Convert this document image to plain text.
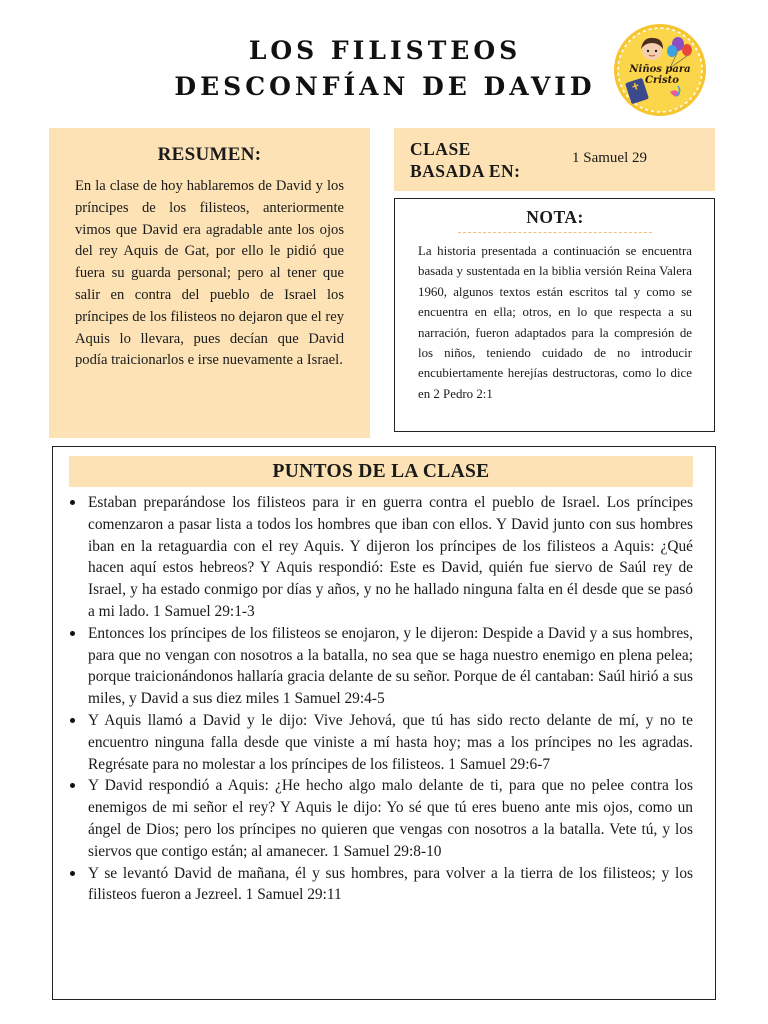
LOS FILISTEOS
DESCONFÍAN DE DAVID
Niños para
Cristo
RESUMEN:

En la clase de hoy hablaremos de David y los príncipes de los filisteos, anteriormente vimos que David era agradable ante los ojos del rey Aquis de Gat, por ello le pidió que fuera su guarda personal; pero al tener que salir en contra del pueblo de Israel los príncipes de los filisteos no dejaron que el rey Aquis lo llevara, pues decían que David podía traicionarlos e irse nuevamente a Israel.

CLASE
BASADA EN:
1 Samuel 29
NOTA:

La historia presentada a continuación se encuentra basada y sustentada en la biblia versión Reina Valera 1960, algunos textos están escritos tal y como se encuentra en ella; otros, en lo que respecta a su narración, fueron adaptados para la compresión de los niños, teniendo cuidado de no introducir encubiertamente herejías destructoras, como lo dice en 2 Pedro 2:1

PUNTOS DE LA CLASE
Estaban preparándose los filisteos para ir en guerra contra el pueblo de Israel. Los príncipes comenzaron a pasar lista a todos los hombres que iban con ellos. Y David junto con sus hombres iban en la retaguardia con el rey Aquis. Y dijeron los príncipes de los filisteos a Aquis: ¿Qué hacen aquí estos hebreos? Y Aquis respondió: Este es David, quién fue siervo de Saúl rey de Israel, y ha estado conmigo por días y años, y no he hallado ninguna falta en él desde que se pasó a mi lado. 1 Samuel 29:1-3
Entonces los príncipes de los filisteos se enojaron, y le dijeron: Despide a David y a sus hombres, para que no vengan con nosotros a la batalla, no sea que se haga nuestro enemigo en plena pelea; porque traicionándonos hallaría gracia delante de su señor. Porque de él cantaban: Saúl hirió a sus miles, y David a sus diez miles 1 Samuel 29:4-5
Y Aquis llamó a David y le dijo: Vive Jehová, que tú has sido recto delante de mí, y no te encuentro ninguna falla desde que viniste a mí hasta hoy; mas a los príncipes no les agradas. Regrésate para no molestar a los príncipes de los filisteos. 1 Samuel 29:6-7
Y David respondió a Aquis: ¿He hecho algo malo delante de ti, para que no pelee contra los enemigos de mi señor el rey? Y Aquis le dijo: Yo sé que tú eres bueno ante mis ojos, como un ángel de Dios; pero los príncipes no quieren que vengas con nosotros a la batalla. Vete tú, y los siervos que contigo están; al amanecer. 1 Samuel 29:8-10
Y se levantó David de mañana, él y sus hombres, para volver a la tierra de los filisteos; y los filisteos fueron a Jezreel. 1 Samuel 29:11
